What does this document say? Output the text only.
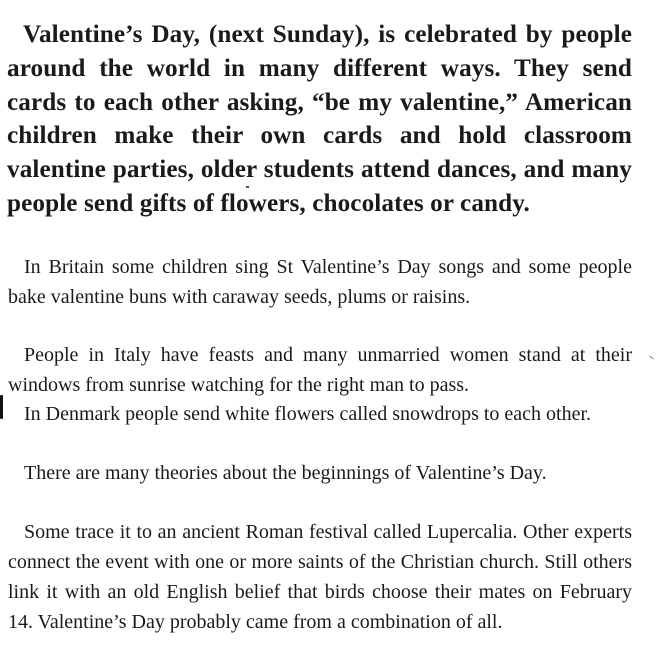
Valentine’s Day, (next Sunday), is celebrated by people around the world in many different ways. They send cards to each other asking, “be my valentine,” American children make their own cards and hold classroom valentine parties, older students attend dances, and many people send gifts of flowers, chocolates or candy.

In Britain some children sing St Valentine’s Day songs and some people bake valentine buns with caraway seeds, plums or raisins.

People in Italy have feasts and many unmarried women stand at their windows from sunrise watching for the right man to pass.

In Denmark people send white flowers called snowdrops to each other.

There are many theories about the beginnings of Valentine’s Day.

Some trace it to an ancient Roman festival called Lupercalia. Other experts connect the event with one or more saints of the Christian church. Still others link it with an old English belief that birds choose their mates on February 14. Valentine’s Day probably came from a combination of all.
